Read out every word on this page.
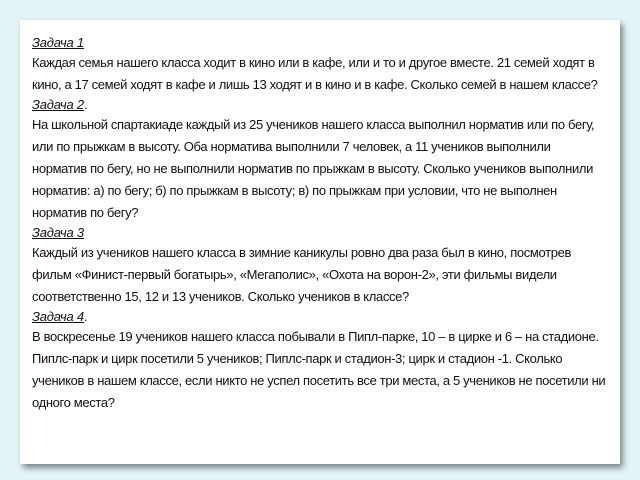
Задача 1

Каждая семья нашего класса ходит в кино или в кафе, или и то и другое вместе. 21 семей ходят в кино, а 17 семей ходят в кафе и лишь 13 ходят и в кино и в кафе. Сколько семей в нашем классе?

Задача 2.

На школьной спартакиаде каждый из 25 учеников нашего класса выполнил норматив или по бегу, или по прыжкам в высоту. Оба норматива выполнили 7 человек, а 11 учеников выполнили норматив по бегу, но не выполнили норматив по прыжкам в высоту. Сколько учеников выполнили норматив: а) по бегу; б) по прыжкам в высоту; в) по прыжкам при условии, что не выполнен норматив по бегу?

Задача 3

Каждый из учеников нашего класса в зимние каникулы ровно два раза был в кино, посмотрев фильм «Финист-первый богатырь», «Мегаполис», «Охота на ворон-2», эти фильмы видели соответственно 15, 12 и 13 учеников. Сколько учеников в классе?

Задача 4.

В воскресенье 19 учеников нашего класса побывали в Пипл-парке, 10 – в цирке и 6 – на стадионе. Пиплс-парк и цирк посетили 5 учеников; Пиплс-парк и стадион-3; цирк и стадион -1. Сколько учеников в нашем классе, если никто не успел посетить все три места, а 5 учеников не посетили ни одного места?
